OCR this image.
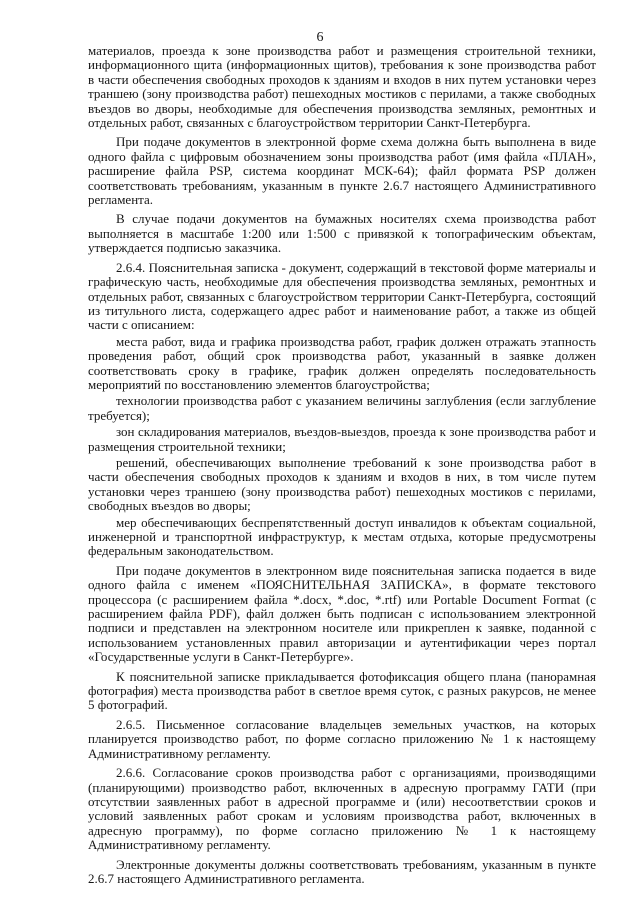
6

материалов, проезда к зоне производства работ и размещения строительной техники, информационного щита (информационных щитов), требования к зоне производства работ в части обеспечения свободных проходов к зданиям и входов в них путем установки через траншею (зону производства работ) пешеходных мостиков с перилами, а также свободных въездов во дворы, необходимые для обеспечения производства земляных, ремонтных и отдельных работ, связанных с благоустройством территории Санкт-Петербурга.

При подаче документов в электронной форме схема должна быть выполнена в виде одного файла с цифровым обозначением зоны производства работ (имя файла «ПЛАН», расширение файла PSP, система координат МСК-64); файл формата PSP должен соответствовать требованиям, указанным в пункте 2.6.7 настоящего Административного регламента.

В случае подачи документов на бумажных носителях схема производства работ выполняется в масштабе 1:200 или 1:500 с привязкой к топографическим объектам, утверждается подписью заказчика.

2.6.4. Пояснительная записка - документ, содержащий в текстовой форме материалы и графическую часть, необходимые для обеспечения производства земляных, ремонтных и отдельных работ, связанных с благоустройством территории Санкт-Петербурга, состоящий из титульного листа, содержащего адрес работ и наименование работ, а также из общей части с описанием:

места работ, вида и графика производства работ, график должен отражать этапность проведения работ, общий срок производства работ, указанный в заявке должен соответствовать сроку в графике, график должен определять последовательность мероприятий по восстановлению элементов благоустройства;

технологии производства работ с указанием величины заглубления (если заглубление требуется);

зон складирования материалов, въездов-выездов, проезда к зоне производства работ и размещения строительной техники;

решений, обеспечивающих выполнение требований к зоне производства работ в части обеспечения свободных проходов к зданиям и входов в них, в том числе путем установки через траншею (зону производства работ) пешеходных мостиков с перилами, свободных въездов во дворы;

мер обеспечивающих беспрепятственный доступ инвалидов к объектам социальной, инженерной и транспортной инфраструктур, к местам отдыха, которые предусмотрены федеральным законодательством.

При подаче документов в электронном виде пояснительная записка подается в виде одного файла с именем «ПОЯСНИТЕЛЬНАЯ ЗАПИСКА», в формате текстового процессора (с расширением файла *.docx, *.doc, *.rtf) или Portable Document Format (с расширением файла PDF), файл должен быть подписан с использованием электронной подписи и представлен на электронном носителе или прикреплен к заявке, поданной с использованием установленных правил авторизации и аутентификации через портал «Государственные услуги в Санкт-Петербурге».

К пояснительной записке прикладывается фотофиксация общего плана (панорамная фотография) места производства работ в светлое время суток, с разных ракурсов, не менее 5 фотографий.

2.6.5. Письменное согласование владельцев земельных участков, на которых планируется производство работ, по форме согласно приложению № 1 к настоящему Административному регламенту.

2.6.6. Согласование сроков производства работ с организациями, производящими (планирующими) производство работ, включенных в адресную программу ГАТИ (при отсутствии заявленных работ в адресной программе и (или) несоответствии сроков и условий заявленных работ срокам и условиям производства работ, включенных в адресную программу), по форме согласно приложению № 1 к настоящему Административному регламенту.

Электронные документы должны соответствовать требованиям, указанным в пункте 2.6.7 настоящего Административного регламента.
